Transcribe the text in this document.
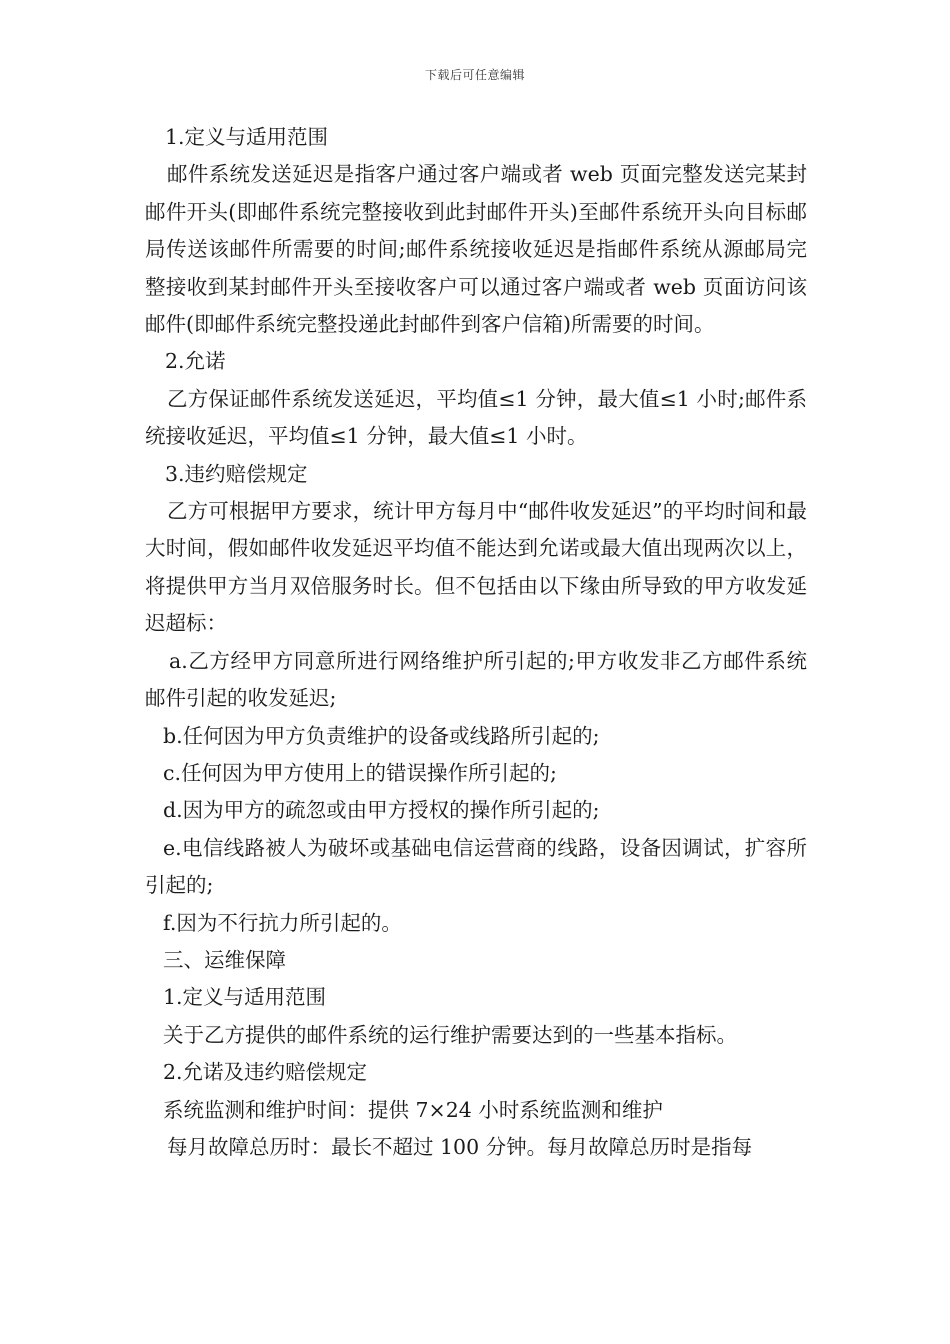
下载后可任意编辑

1.定义与适用范围

邮件系统发送延迟是指客户通过客户端或者 web 页面完整发送完某封邮件开头(即邮件系统完整接收到此封邮件开头)至邮件系统开头向目标邮局传送该邮件所需要的时间;邮件系统接收延迟是指邮件系统从源邮局完整接收到某封邮件开头至接收客户可以通过客户端或者 web 页面访问该邮件(即邮件系统完整投递此封邮件到客户信箱)所需要的时间。

2.允诺

乙方保证邮件系统发送延迟，平均值≤1 分钟，最大值≤1 小时;邮件系统接收延迟，平均值≤1 分钟，最大值≤1 小时。

3.违约赔偿规定

乙方可根据甲方要求，统计甲方每月中“邮件收发延迟”的平均时间和最大时间，假如邮件收发延迟平均值不能达到允诺或最大值出现两次以上，将提供甲方当月双倍服务时长。但不包括由以下缘由所导致的甲方收发延迟超标：

a.乙方经甲方同意所进行网络维护所引起的;甲方收发非乙方邮件系统邮件引起的收发延迟;

b.任何因为甲方负责维护的设备或线路所引起的;

c.任何因为甲方使用上的错误操作所引起的;

d.因为甲方的疏忽或由甲方授权的操作所引起的;

e.电信线路被人为破坏或基础电信运营商的线路，设备因调试，扩容所引起的;

f.因为不行抗力所引起的。

三、运维保障

1.定义与适用范围

关于乙方提供的邮件系统的运行维护需要达到的一些基本指标。

2.允诺及违约赔偿规定

系统监测和维护时间：提供 7×24 小时系统监测和维护

每月故障总历时：最长不超过 100 分钟。每月故障总历时是指每
